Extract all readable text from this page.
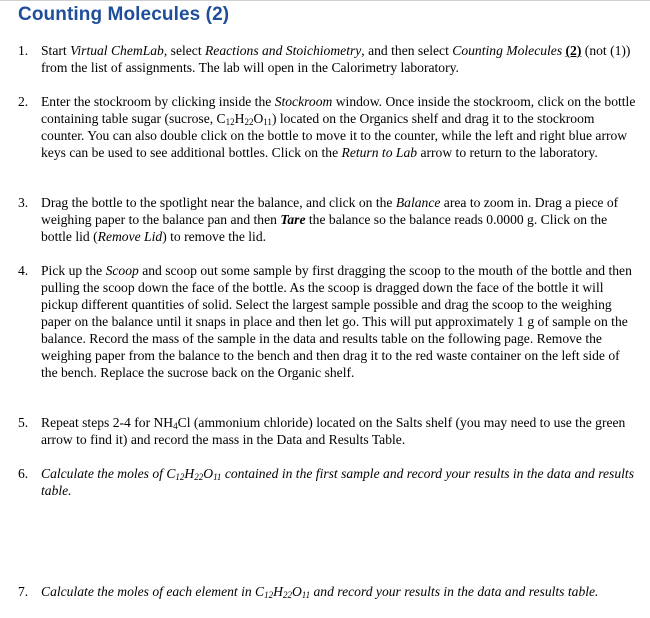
Counting Molecules (2)
1. Start Virtual ChemLab, select Reactions and Stoichiometry, and then select Counting Molecules (2) (not (1)) from the list of assignments. The lab will open in the Calorimetry laboratory.
2. Enter the stockroom by clicking inside the Stockroom window. Once inside the stockroom, click on the bottle containing table sugar (sucrose, $C_{12}H_{22}O_{11}$) located on the Organics shelf and drag it to the stockroom counter. You can also double click on the bottle to move it to the counter, while the left and right blue arrow keys can be used to see additional bottles. Click on the Return to Lab arrow to return to the laboratory.
3. Drag the bottle to the spotlight near the balance, and click on the Balance area to zoom in. Drag a piece of weighing paper to the balance pan and then Tare the balance so the balance reads 0.0000 g. Click on the bottle lid (Remove Lid) to remove the lid.
4. Pick up the Scoop and scoop out some sample by first dragging the scoop to the mouth of the bottle and then pulling the scoop down the face of the bottle. As the scoop is dragged down the face of the bottle it will pickup different quantities of solid. Select the largest sample possible and drag the scoop to the weighing paper on the balance until it snaps in place and then let go. This will put approximately 1 g of sample on the balance. Record the mass of the sample in the data and results table on the following page. Remove the weighing paper from the balance to the bench and then drag it to the red waste container on the left side of the bench. Replace the sucrose back on the Organic shelf.
5. Repeat steps 2-4 for $NH_4Cl$ (ammonium chloride) located on the Salts shelf (you may need to use the green arrow to find it) and record the mass in the Data and Results Table.
6. Calculate the moles of $C_{12}H_{22}O_{11}$ contained in the first sample and record your results in the data and results table.
7. Calculate the moles of each element in $C_{12}H_{22}O_{11}$ and record your results in the data and results table.
